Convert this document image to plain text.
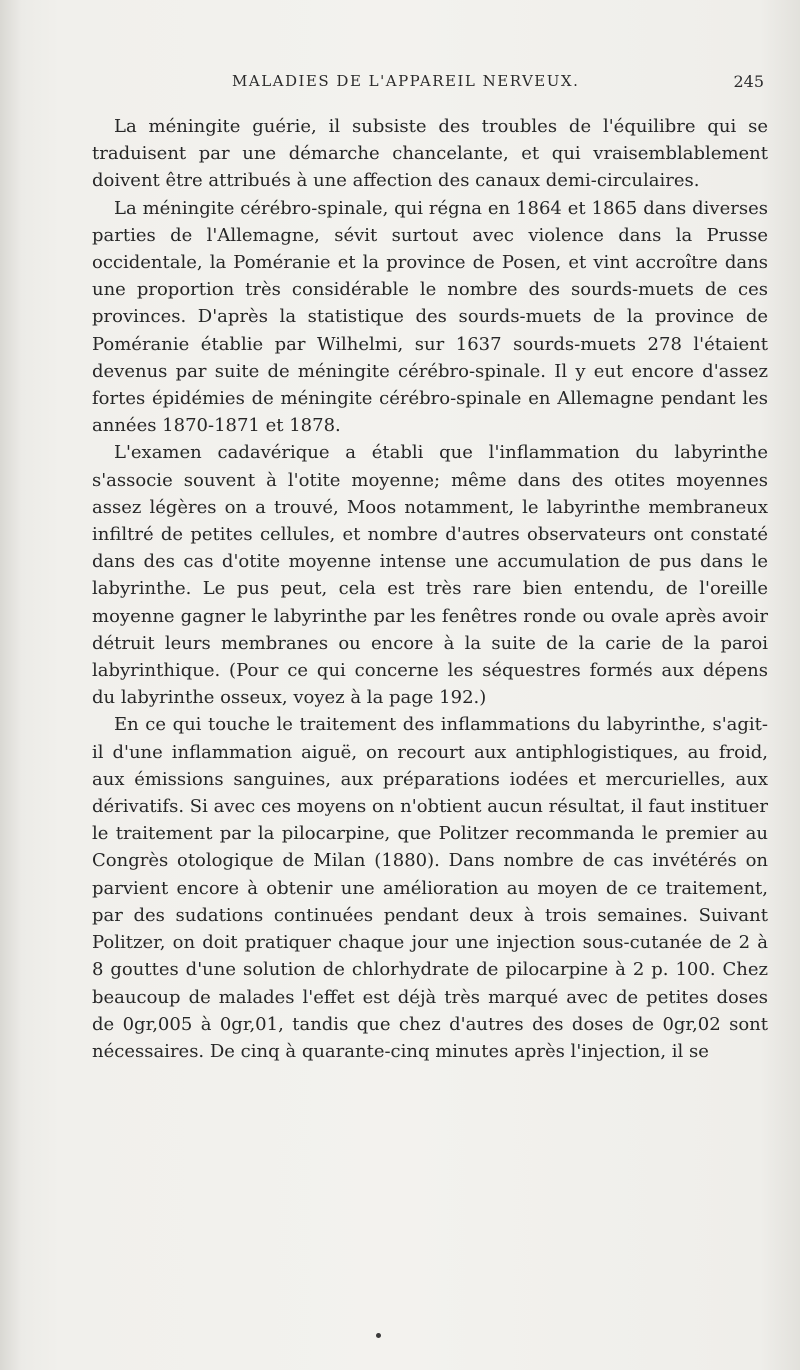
MALADIES DE L'APPAREIL NERVEUX.	245

La méningite guérie, il subsiste des troubles de l'équilibre qui se traduisent par une démarche chancelante, et qui vraisemblablement doivent être attribués à une affection des canaux demi-circulaires.

La méningite cérébro-spinale, qui régna en 1864 et 1865 dans diverses parties de l'Allemagne, sévit surtout avec violence dans la Prusse occidentale, la Poméranie et la province de Posen, et vint accroître dans une proportion très considérable le nombre des sourds-muets de ces provinces. D'après la statistique des sourds-muets de la province de Poméranie établie par Wilhelmi, sur 1637 sourds-muets 278 l'étaient devenus par suite de méningite cérébro-spinale. Il y eut encore d'assez fortes épidémies de méningite cérébro-spinale en Allemagne pendant les années 1870-1871 et 1878.

L'examen cadavérique a établi que l'inflammation du labyrinthe s'associe souvent à l'otite moyenne; même dans des otites moyennes assez légères on a trouvé, Moos notamment, le labyrinthe membraneux infiltré de petites cellules, et nombre d'autres observateurs ont constaté dans des cas d'otite moyenne intense une accumulation de pus dans le labyrinthe. Le pus peut, cela est très rare bien entendu, de l'oreille moyenne gagner le labyrinthe par les fenêtres ronde ou ovale après avoir détruit leurs membranes ou encore à la suite de la carie de la paroi labyrinthique. (Pour ce qui concerne les séquestres formés aux dépens du labyrinthe osseux, voyez à la page 192.)

En ce qui touche le traitement des inflammations du labyrinthe, s'agit-il d'une inflammation aiguë, on recourt aux antiphlogistiques, au froid, aux émissions sanguines, aux préparations iodées et mercurielles, aux dérivatifs. Si avec ces moyens on n'obtient aucun résultat, il faut instituer le traitement par la pilocarpine, que Politzer recommanda le premier au Congrès otologique de Milan (1880). Dans nombre de cas invétérés on parvient encore à obtenir une amélioration au moyen de ce traitement, par des sudations continuées pendant deux à trois semaines. Suivant Politzer, on doit pratiquer chaque jour une injection sous-cutanée de 2 à 8 gouttes d'une solution de chlorhydrate de pilocarpine à 2 p. 100. Chez beaucoup de malades l'effet est déjà très marqué avec de petites doses de 0gr,005 à 0gr,01, tandis que chez d'autres des doses de 0gr,02 sont nécessaires. De cinq à quarante-cinq minutes après l'injection, il se
